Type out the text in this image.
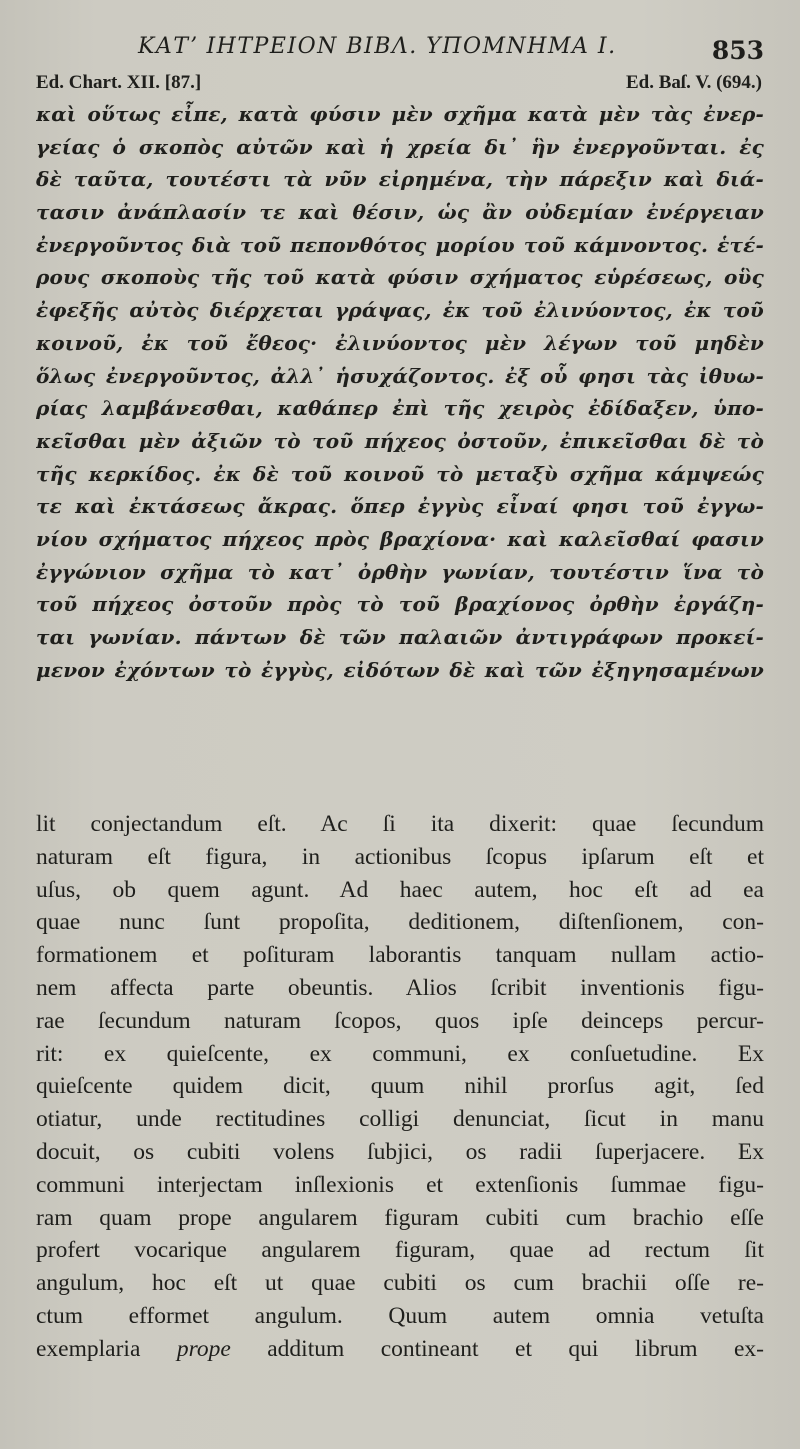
ΚΑΤʼ ΙΗΤΡΕΙΟΝ ΒΙΒΛ. ΥΠΟΜΝΗΜΑ Ι.	853
Ed. Chart. XII. [87.]	Ed. Baſ. V. (694.)
καὶ οὕτως εἶπε, κατὰ φύσιν μὲν σχῆμα κατὰ μὲν τὰς ἐνερ-
γείας ὁ σκοπὸς αὐτῶν καὶ ἡ χρεία δι᾽ ἣν ἐνεργοῦνται. ἐς
δὲ ταῦτα, τουτέστι τὰ νῦν εἰρημένα, τὴν πάρεξιν καὶ διά-
τασιν ἀνάπλασίν τε καὶ θέσιν, ὡς ἂν οὐδεμίαν ἐνέργειαν
ἐνεργοῦντος διὰ τοῦ πεπονθότος μορίου τοῦ κάμνοντος. ἑτέ-
ρους σκοποὺς τῆς τοῦ κατὰ φύσιν σχήματος εὑρέσεως, οὓς
ἐφεξῆς αὐτὸς διέρχεται γράψας, ἐκ τοῦ ἐλινύοντος, ἐκ τοῦ
κοινοῦ, ἐκ τοῦ ἔθεος· ἐλινύοντος μὲν λέγων τοῦ μηδὲν
ὅλως ἐνεργοῦντος, ἀλλ᾽ ἡσυχάζοντος. ἐξ οὗ φησι τὰς ἰθυω-
ρίας λαμβάνεσθαι, καθάπερ ἐπὶ τῆς χειρὸς ἐδίδαξεν, ὑπο-
κεῖσθαι μὲν ἀξιῶν τὸ τοῦ πήχεος ὀστοῦν, ἐπικεῖσθαι δὲ τὸ
τῆς κερκίδος. ἐκ δὲ τοῦ κοινοῦ τὸ μεταξὺ σχῆμα κάμψεώς
τε καὶ ἐκτάσεως ἄκρας. ὅπερ ἐγγὺς εἶναί φησι τοῦ ἐγγω-
νίου σχήματος πήχεος πρὸς βραχίονα· καὶ καλεῖσθαί φασιν
ἐγγώνιον σχῆμα τὸ κατ᾽ ὀρθὴν γωνίαν, τουτέστιν ἵνα τὸ
τοῦ πήχεος ὀστοῦν πρὸς τὸ τοῦ βραχίονος ὀρθὴν ἐργάζη-
ται γωνίαν. πάντων δὲ τῶν παλαιῶν ἀντιγράφων προκεί-
μενον ἐχόντων τὸ ἐγγὺς, εἰδότων δὲ καὶ τῶν ἐξηγησαμένων
lit conjectandum eſt. Ac ſi ita dixerit: quae ſecundum
naturam eſt figura, in actionibus ſcopus ipſarum eſt et
uſus, ob quem agunt. Ad haec autem, hoc eſt ad ea
quae nunc ſunt propoſita, deditionem, diſtenſionem, con-
formationem et poſituram laborantis tanquam nullam actio-
nem affecta parte obeuntis. Alios ſcribit inventionis figu-
rae ſecundum naturam ſcopos, quos ipſe deinceps percur-
rit: ex quieſcente, ex communi, ex conſuetudine. Ex
quieſcente quidem dicit, quum nihil prorſus agit, ſed
otiatur, unde rectitudines colligi denunciat, ſicut in manu
docuit, os cubiti volens ſubjici, os radii ſuperjacere. Ex
communi interjectam inſlexionis et extenſionis ſummae figu-
ram quam prope angularem figuram cubiti cum brachio eſſe
profert vocarique angularem figuram, quae ad rectum ſit
angulum, hoc eſt ut quae cubiti os cum brachii oſſe re-
ctum efformet angulum. Quum autem omnia vetuſta
exemplaria prope additum contineant et qui librum ex-
